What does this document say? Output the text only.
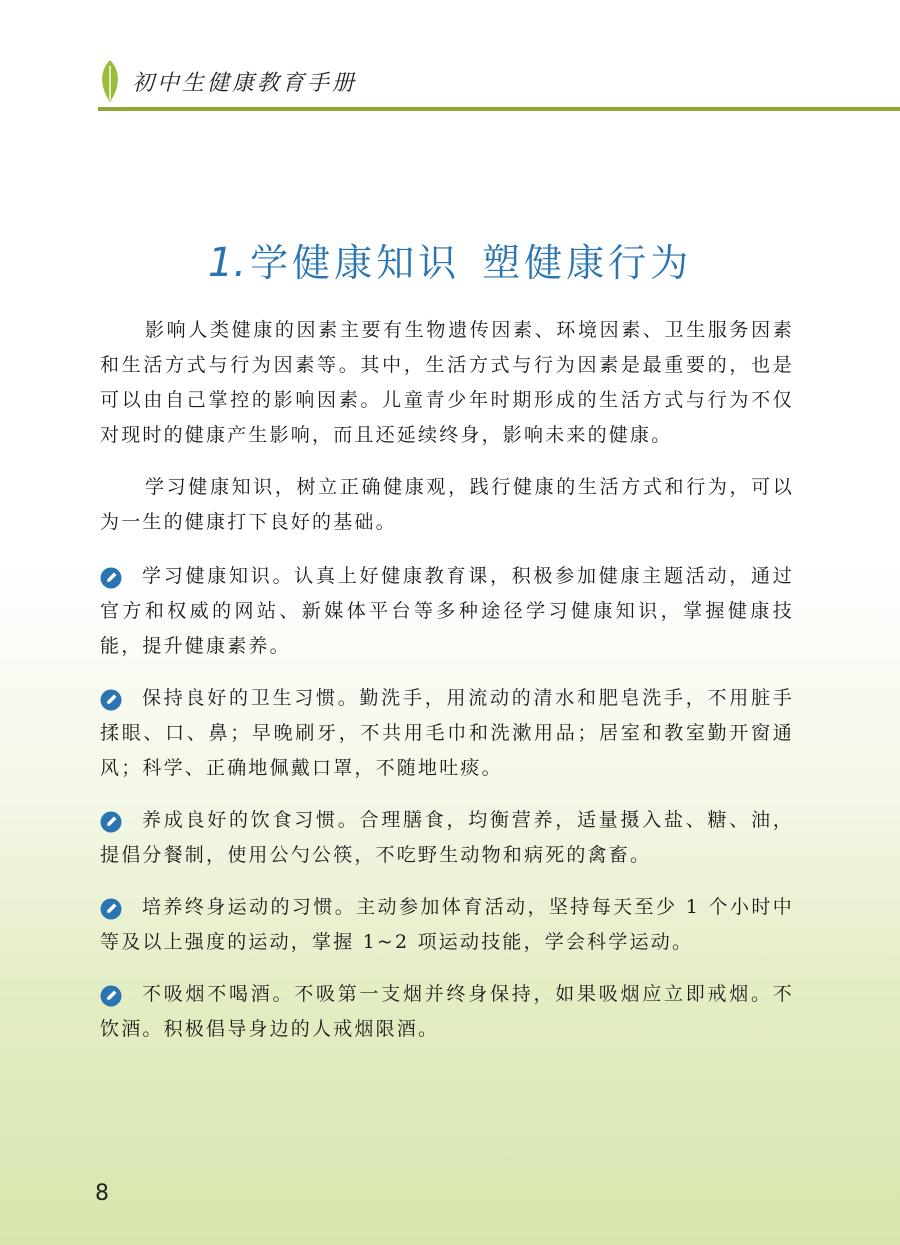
初中生健康教育手册
1. 学健康知识 塑健康行为

影响人类健康的因素主要有生物遗传因素、环境因素、卫生服务因素和生活方式与行为因素等。其中，生活方式与行为因素是最重要的，也是可以由自己掌控的影响因素。儿童青少年时期形成的生活方式与行为不仅对现时的健康产生影响，而且还延续终身，影响未来的健康。

学习健康知识，树立正确健康观，践行健康的生活方式和行为，可以为一生的健康打下良好的基础。

学习健康知识。认真上好健康教育课，积极参加健康主题活动，通过官方和权威的网站、新媒体平台等多种途径学习健康知识，掌握健康技能，提升健康素养。
保持良好的卫生习惯。勤洗手，用流动的清水和肥皂洗手，不用脏手揉眼、口、鼻；早晚刷牙，不共用毛巾和洗漱用品；居室和教室勤开窗通风；科学、正确地佩戴口罩，不随地吐痰。
养成良好的饮食习惯。合理膳食，均衡营养，适量摄入盐、糖、油，提倡分餐制，使用公勺公筷，不吃野生动物和病死的禽畜。
培养终身运动的习惯。主动参加体育活动，坚持每天至少 1 个小时中等及以上强度的运动，掌握 1~2 项运动技能，学会科学运动。
不吸烟不喝酒。不吸第一支烟并终身保持，如果吸烟应立即戒烟。不饮酒。积极倡导身边的人戒烟限酒。
8
